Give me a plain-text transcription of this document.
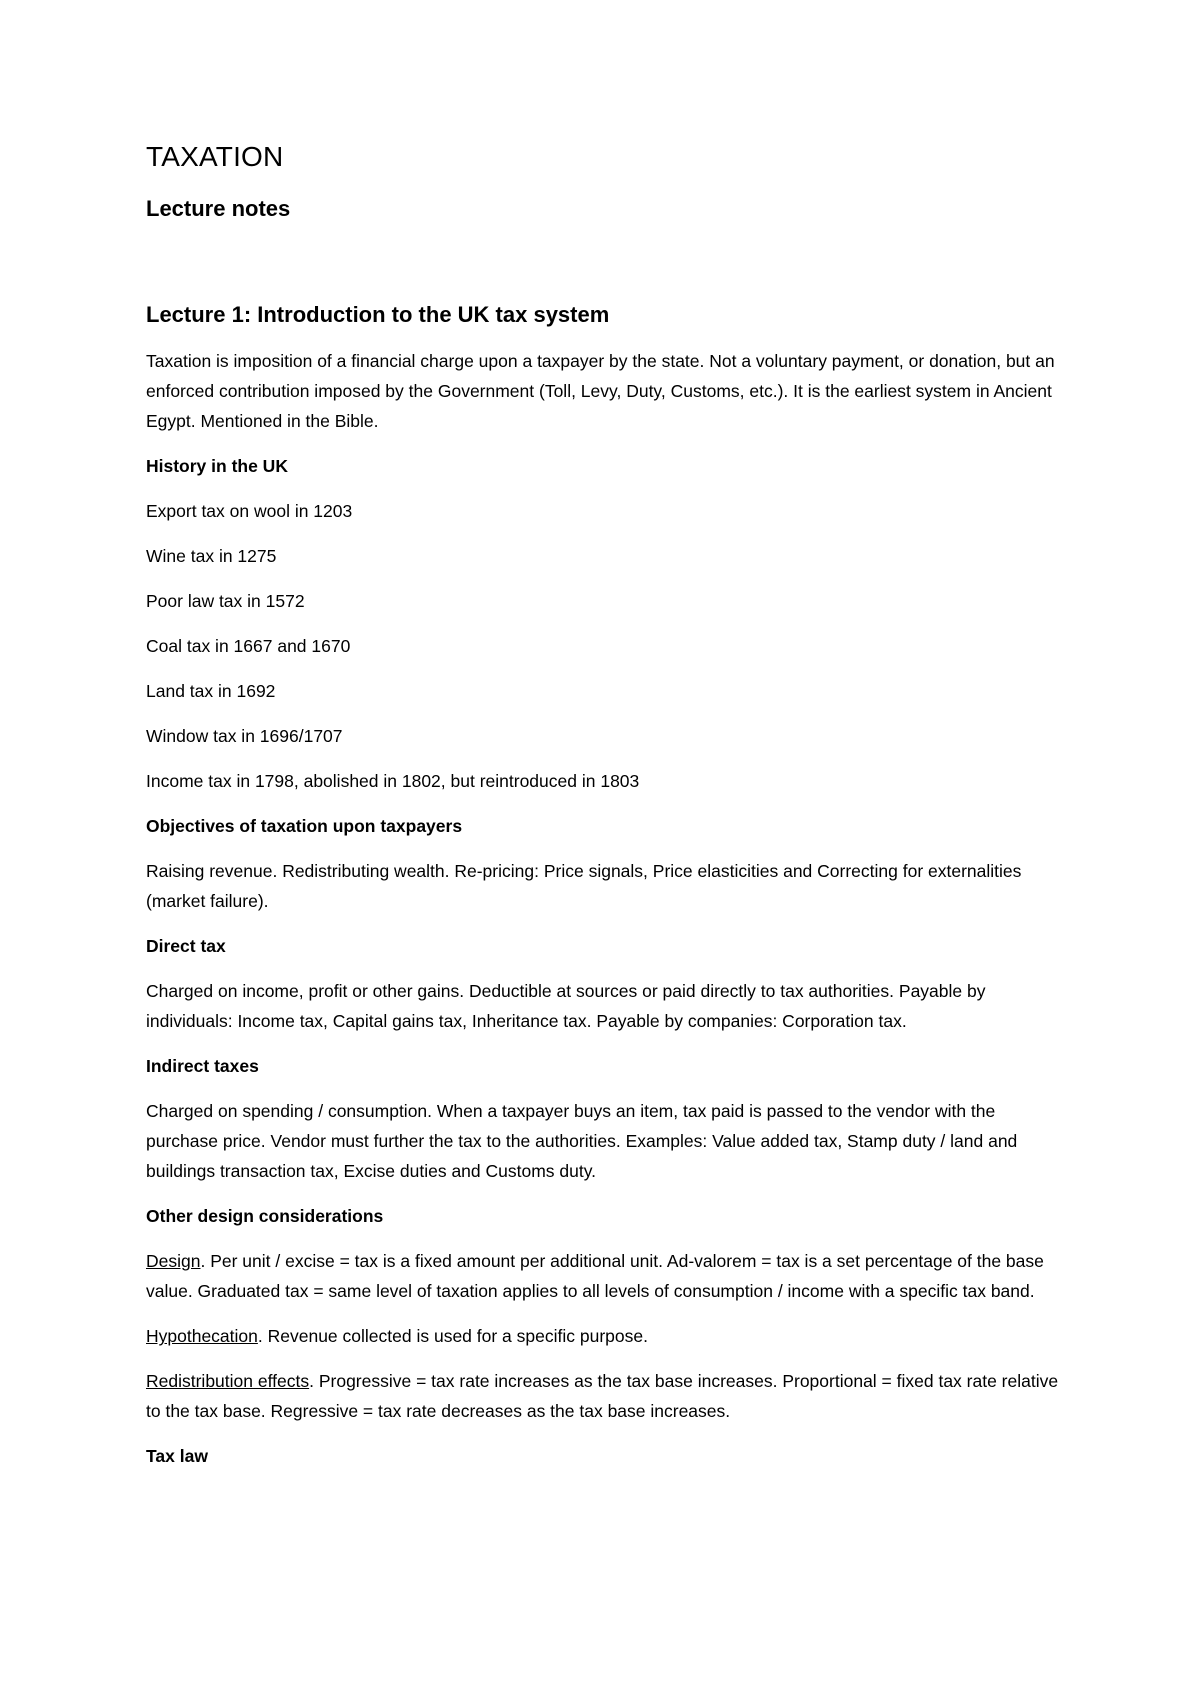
TAXATION
Lecture notes
Lecture 1: Introduction to the UK tax system

Taxation is imposition of a financial charge upon a taxpayer by the state. Not a voluntary payment, or donation, but an enforced contribution imposed by the Government (Toll, Levy, Duty, Customs, etc.). It is the earliest system in Ancient Egypt. Mentioned in the Bible.

History in the UK

Export tax on wool in 1203

Wine tax in 1275

Poor law tax in 1572

Coal tax in 1667 and 1670

Land tax in 1692

Window tax in 1696/1707

Income tax in 1798, abolished in 1802, but reintroduced in 1803

Objectives of taxation upon taxpayers

Raising revenue. Redistributing wealth. Re-pricing: Price signals, Price elasticities and Correcting for externalities (market failure).

Direct tax

Charged on income, profit or other gains. Deductible at sources or paid directly to tax authorities. Payable by individuals: Income tax, Capital gains tax, Inheritance tax. Payable by companies: Corporation tax.

Indirect taxes

Charged on spending / consumption. When a taxpayer buys an item, tax paid is passed to the vendor with the purchase price. Vendor must further the tax to the authorities. Examples: Value added tax, Stamp duty / land and buildings transaction tax, Excise duties and Customs duty.

Other design considerations

Design. Per unit / excise = tax is a fixed amount per additional unit. Ad-valorem = tax is a set percentage of the base value. Graduated tax = same level of taxation applies to all levels of consumption / income with a specific tax band.

Hypothecation. Revenue collected is used for a specific purpose.

Redistribution effects. Progressive = tax rate increases as the tax base increases. Proportional = fixed tax rate relative to the tax base. Regressive = tax rate decreases as the tax base increases.

Tax law
